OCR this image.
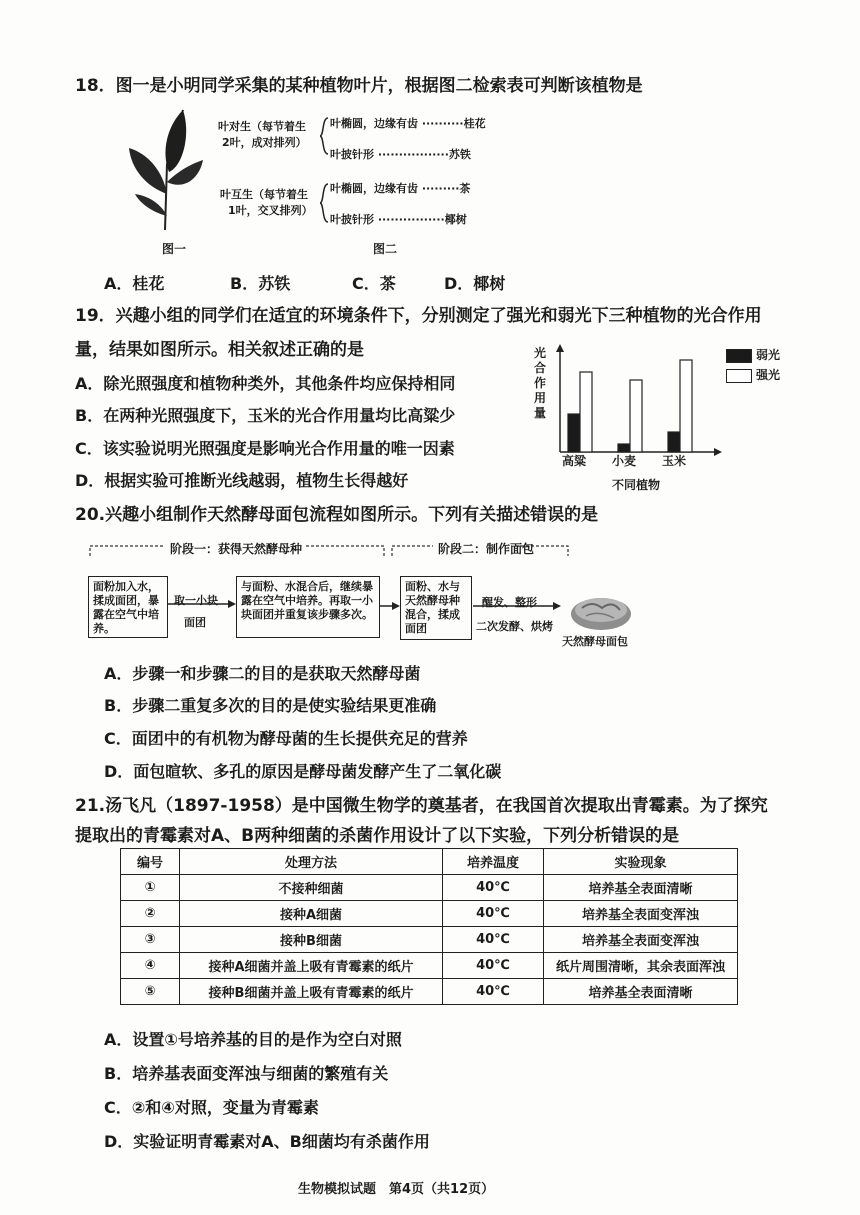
18．图一是小明同学采集的某种植物叶片，根据图二检索表可判断该植物是
图一
叶对生（每节着生
2叶，成对排列）
叶椭圆，边缘有齿 ··········桂花
叶披针形 ·················苏铁
叶互生（每节着生
1叶，交叉排列）
叶椭圆，边缘有齿 ·········茶
叶披针形 ················椰树
图二
A．桂花	B．苏铁	C．茶	D．椰树
19．兴趣小组的同学们在适宜的环境条件下，分别测定了强光和弱光下三种植物的光合作用
量，结果如图所示。相关叙述正确的是
A．除光照强度和植物种类外，其他条件均应保持相同
B．在两种光照强度下，玉米的光合作用量均比高粱少
C．该实验说明光照强度是影响光合作用量的唯一因素
D．根据实验可推断光线越弱，植物生长得越好
光合作用量
弱光
强光
高粱 小麦 玉米
不同植物
20.兴趣小组制作天然酵母面包流程如图所示。下列有关描述错误的是
阶段一：获得天然酵母种	阶段二：制作面包
面粉加入水，揉成面团，暴露在空气中培养。
取一小块
面团
与面粉、水混合后，继续暴露在空气中培养。再取一小块面团并重复该步骤多次。
面粉、水与天然酵母种混合，揉成面团
醒发、整形
二次发酵、烘烤
天然酵母面包
A．步骤一和步骤二的目的是获取天然酵母菌
B．步骤二重复多次的目的是使实验结果更准确
C．面团中的有机物为酵母菌的生长提供充足的营养
D．面包暄软、多孔的原因是酵母菌发酵产生了二氧化碳
21.汤飞凡（1897-1958）是中国微生物学的奠基者，在我国首次提取出青霉素。为了探究
提取出的青霉素对A、B两种细菌的杀菌作用设计了以下实验，下列分析错误的是
编号	处理方法	培养温度	实验现象
①	不接种细菌	40℃	培养基全表面清晰
②	接种A细菌	40℃	培养基全表面变浑浊
③	接种B细菌	40℃	培养基全表面变浑浊
④	接种A细菌并盖上吸有青霉素的纸片	40℃	纸片周围清晰，其余表面浑浊
⑤	接种B细菌并盖上吸有青霉素的纸片	40℃	培养基全表面清晰
A．设置①号培养基的目的是作为空白对照
B．培养基表面变浑浊与细菌的繁殖有关
C．②和④对照，变量为青霉素
D．实验证明青霉素对A、B细菌均有杀菌作用
生物模拟试题　第4页（共12页）
